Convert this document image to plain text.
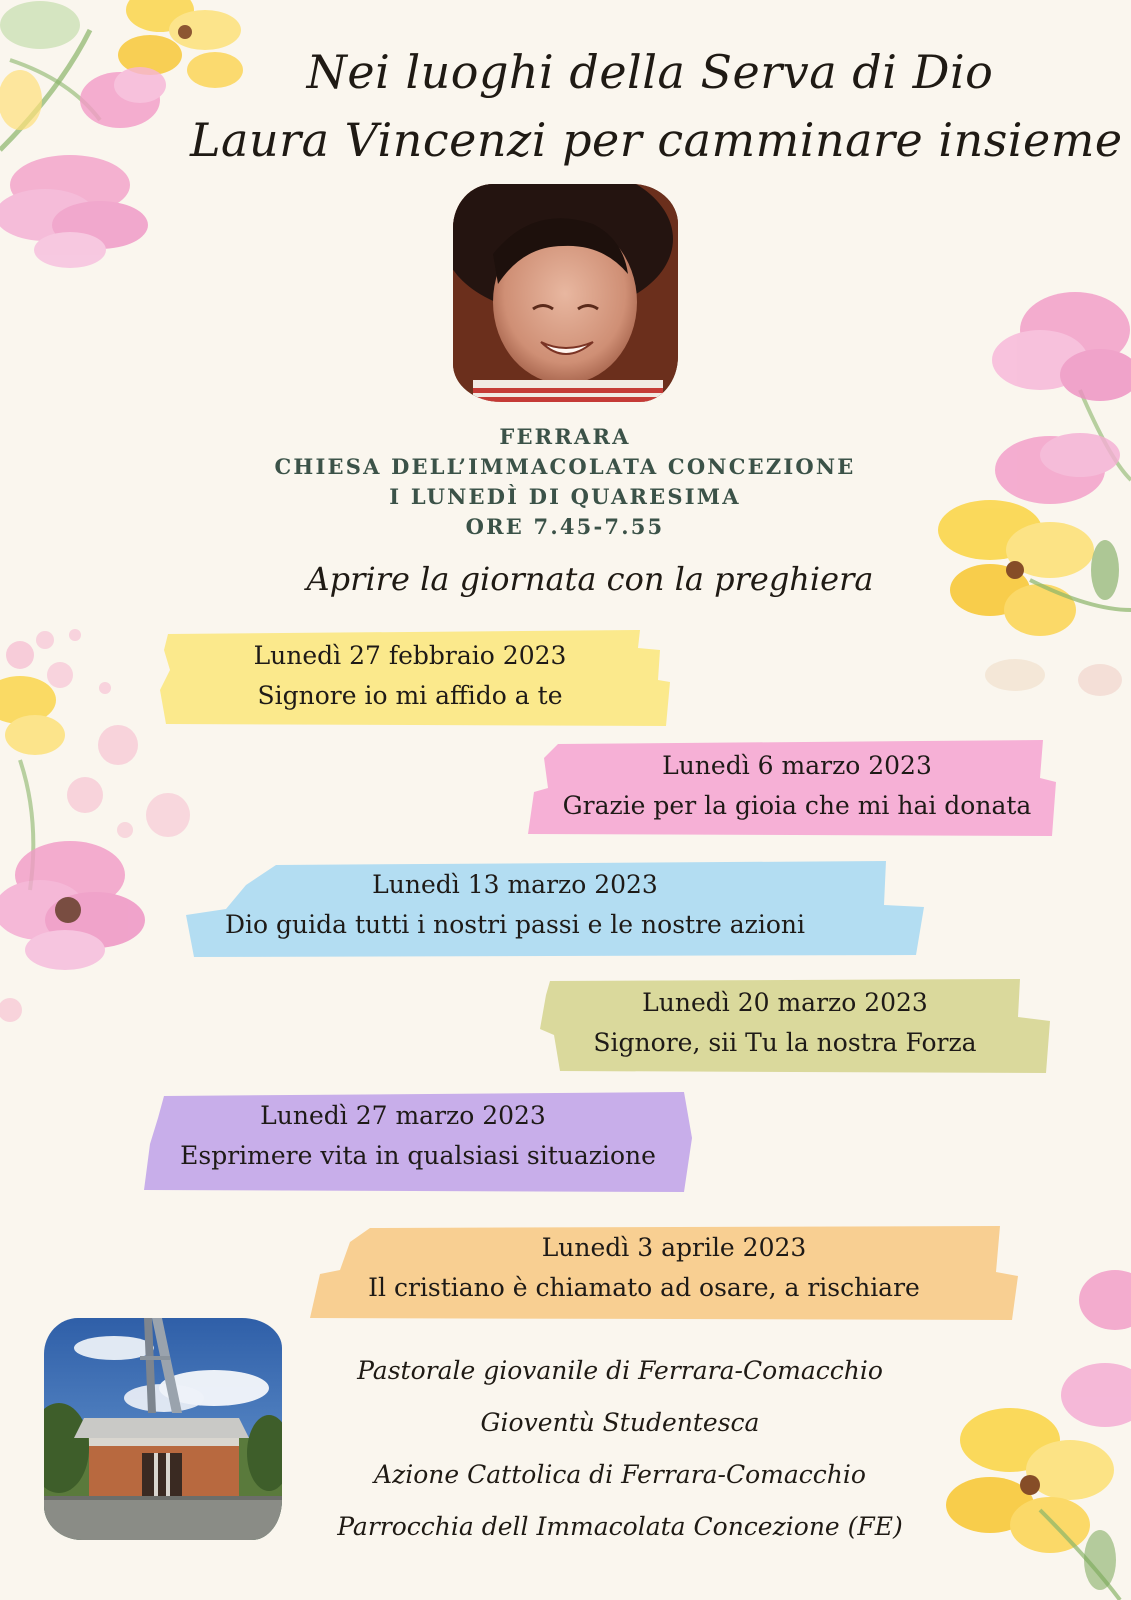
Nei luoghi della Serva di Dio
Laura Vincenzi per camminare insieme
FERRARA
CHIESA DELL’IMMACOLATA CONCEZIONE
I LUNEDÌ DI QUARESIMA
ORE 7.45-7.55
Aprire la giornata con la preghiera
Lunedì 27 febbraio 2023
Signore io mi affido a te
Lunedì 6 marzo 2023
Grazie per la gioia che mi hai donata
Lunedì 13 marzo 2023
Dio guida tutti i nostri passi e le nostre azioni
Lunedì 20 marzo 2023
Signore, sii Tu la nostra Forza
Lunedì 27 marzo 2023
Esprimere vita in qualsiasi situazione
Lunedì 3 aprile 2023
Il cristiano è chiamato ad osare, a rischiare
Pastorale giovanile di Ferrara-Comacchio
Gioventù Studentesca
Azione Cattolica di Ferrara-Comacchio
Parrocchia dell Immacolata Concezione (FE)
